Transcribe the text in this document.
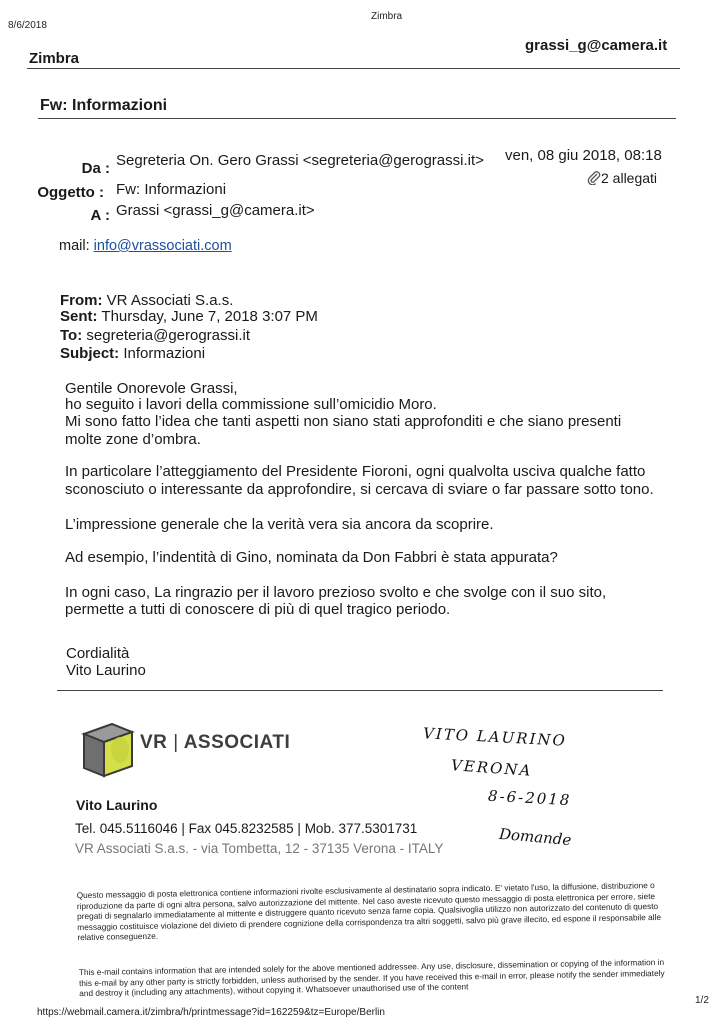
8/6/2018
Zimbra
Zimbra
grassi_g@camera.it
Fw: Informazioni
Da : Segreteria On. Gero Grassi <segreteria@gerograssi.it> ven, 08 giu 2018, 08:18
Oggetto : Fw: Informazioni
2 allegati
A : Grassi <grassi_g@camera.it>
mail: info@vrassociati.com
From: VR Associati S.a.s.
Sent: Thursday, June 7, 2018 3:07 PM
To: segreteria@gerograssi.it
Subject: Informazioni
Gentile Onorevole Grassi,
ho seguito i lavori della commissione sull’omicidio Moro.
Mi sono fatto l’idea che tanti aspetti non siano stati approfonditi e che siano presenti
molte zone d’ombra.
In particolare l’atteggiamento del Presidente Fioroni, ogni qualvolta usciva qualche fatto
sconosciuto o interessante da approfondire, si cercava di sviare o far passare sotto tono.
L’impressione generale che la verità vera sia ancora da scoprire.
Ad esempio, l’indentità di Gino, nominata da Don Fabbri è stata appurata?
In ogni caso, La ringrazio per il lavoro prezioso svolto e che svolge con il suo sito,
permette a tutti di conoscere di più di quel tragico periodo.
Cordialità
Vito Laurino
VR | ASSOCIATI
Vito Laurino
Tel. 045.5116046 | Fax 045.8232585 | Mob. 377.5301731
VR Associati S.a.s. - via Tombetta, 12 - 37135 Verona - ITALY
VITO LAURINO
VERONA
8-6-2018
Domande
Questo messaggio di posta elettronica contiene informazioni rivolte esclusivamente al destinatario sopra indicato. E' vietato l'uso, la diffusione, distribuzione o riproduzione da parte di ogni altra persona, salvo autorizzazione del mittente. Nel caso aveste ricevuto questo messaggio di posta elettronica per errore, siete pregati di segnalarlo immediatamente al mittente e distruggere quanto ricevuto senza farne copia. Qualsivoglia utilizzo non autorizzato del contenuto di questo messaggio costituisce violazione del divieto di prendere cognizione della corrispondenza tra altri soggetti, salvo più grave illecito, ed espone il responsabile alle relative conseguenze.
This e-mail contains information that are intended solely for the above mentioned addressee. Any use, disclosure, dissemination or copying of the information in this e-mail by any other party is strictly forbidden, unless authorised by the sender. If you have received this e-mail in error, please notify the sender immediately and destroy it (including any attachments), without copying it. Whatsoever unauthorised use of the content
https://webmail.camera.it/zimbra/h/printmessage?id=162259&tz=Europe/Berlin
1/2
